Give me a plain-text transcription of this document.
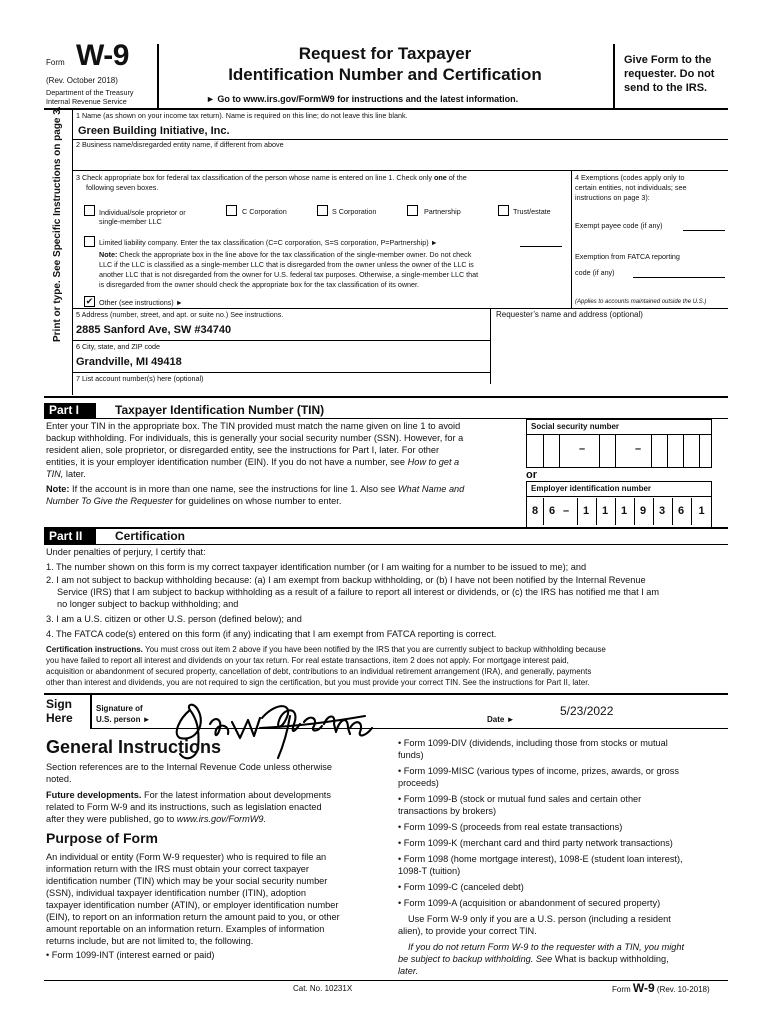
Form W-9
(Rev. October 2018)
Department of the Treasury
Internal Revenue Service
Request for Taxpayer
Identification Number and Certification
► Go to www.irs.gov/FormW9 for instructions and the latest information.
Give Form to the
requester. Do not
send to the IRS.
Print or type. See Specific Instructions on page 3. 1 Name (as shown on your income tax return). Name is required on this line; do not leave this line blank.
Green Building Initiative, Inc.
2 Business name/disregarded entity name, if different from above
3 Check appropriate box for federal tax classification of the person whose name is entered on line 1. Check only one of the
following seven boxes.
Individual/sole proprietor or
single-member LLC
C Corporation	S Corporation	Partnership	Trust/estate
Limited liability company. Enter the tax classification (C=C corporation, S=S corporation, P=Partnership) ►
Note: Check the appropriate box in the line above for the tax classification of the single-member owner. Do not check
LLC if the LLC is classified as a single-member LLC that is disregarded from the owner unless the owner of the LLC is
another LLC that is not disregarded from the owner for U.S. federal tax purposes. Otherwise, a single-member LLC that
is disregarded from the owner should check the appropriate box for the tax classification of its owner.
✔ Other (see instructions) ►
4 Exemptions (codes apply only to
certain entities, not individuals; see
instructions on page 3):
Exempt payee code (if any)
Exemption from FATCA reporting
code (if any)
(Applies to accounts maintained outside the U.S.)
5 Address (number, street, and apt. or suite no.) See instructions.
2885 Sanford Ave, SW #34740
Requester’s name and address (optional)
6 City, state, and ZIP code
Grandville, MI 49418
7 List account number(s) here (optional)
Part I	Taxpayer Identification Number (TIN)
Enter your TIN in the appropriate box. The TIN provided must match the name given on line 1 to avoid
backup withholding. For individuals, this is generally your social security number (SSN). However, for a
resident alien, sole proprietor, or disregarded entity, see the instructions for Part I, later. For other
entities, it is your employer identification number (EIN). If you do not have a number, see How to get a
TIN, later.
Note: If the account is in more than one name, see the instructions for line 1. Also see What Name and
Number To Give the Requester for guidelines on whose number to enter.
Social security number
–	–
or
Employer identification number
8 6 –	1	1	1	9	3	6	1
Part II	Certification
Under penalties of perjury, I certify that:
1. The number shown on this form is my correct taxpayer identification number (or I am waiting for a number to be issued to me); and
2. I am not subject to backup withholding because: (a) I am exempt from backup withholding, or (b) I have not been notified by the Internal Revenue
Service (IRS) that I am subject to backup withholding as a result of a failure to report all interest or dividends, or (c) the IRS has notified me that I am
no longer subject to backup withholding; and
3. I am a U.S. citizen or other U.S. person (defined below); and
4. The FATCA code(s) entered on this form (if any) indicating that I am exempt from FATCA reporting is correct.
Certification instructions. You must cross out item 2 above if you have been notified by the IRS that you are currently subject to backup withholding because
you have failed to report all interest and dividends on your tax return. For real estate transactions, item 2 does not apply. For mortgage interest paid,
acquisition or abandonment of secured property, cancellation of debt, contributions to an individual retirement arrangement (IRA), and generally, payments
other than interest and dividends, you are not required to sign the certification, but you must provide your correct TIN. See the instructions for Part II, later.
Sign
Here
Signature of
U.S. person ►	Date ►
5/23/2022
General Instructions
Section references are to the Internal Revenue Code unless otherwise
noted.
Future developments. For the latest information about developments
related to Form W-9 and its instructions, such as legislation enacted
after they were published, go to www.irs.gov/FormW9.
Purpose of Form
An individual or entity (Form W-9 requester) who is required to file an
information return with the IRS must obtain your correct taxpayer
identification number (TIN) which may be your social security number
(SSN), individual taxpayer identification number (ITIN), adoption
taxpayer identification number (ATIN), or employer identification number
(EIN), to report on an information return the amount paid to you, or other
amount reportable on an information return. Examples of information
returns include, but are not limited to, the following.
• Form 1099-INT (interest earned or paid)
• Form 1099-DIV (dividends, including those from stocks or mutual
funds)
• Form 1099-MISC (various types of income, prizes, awards, or gross
proceeds)
• Form 1099-B (stock or mutual fund sales and certain other
transactions by brokers)
• Form 1099-S (proceeds from real estate transactions)
• Form 1099-K (merchant card and third party network transactions)
• Form 1098 (home mortgage interest), 1098-E (student loan interest),
1098-T (tuition)
• Form 1099-C (canceled debt)
• Form 1099-A (acquisition or abandonment of secured property)
Use Form W-9 only if you are a U.S. person (including a resident
alien), to provide your correct TIN.
If you do not return Form W-9 to the requester with a TIN, you might
be subject to backup withholding. See What is backup withholding,
later.
Cat. No. 10231X	Form W-9 (Rev. 10-2018)
